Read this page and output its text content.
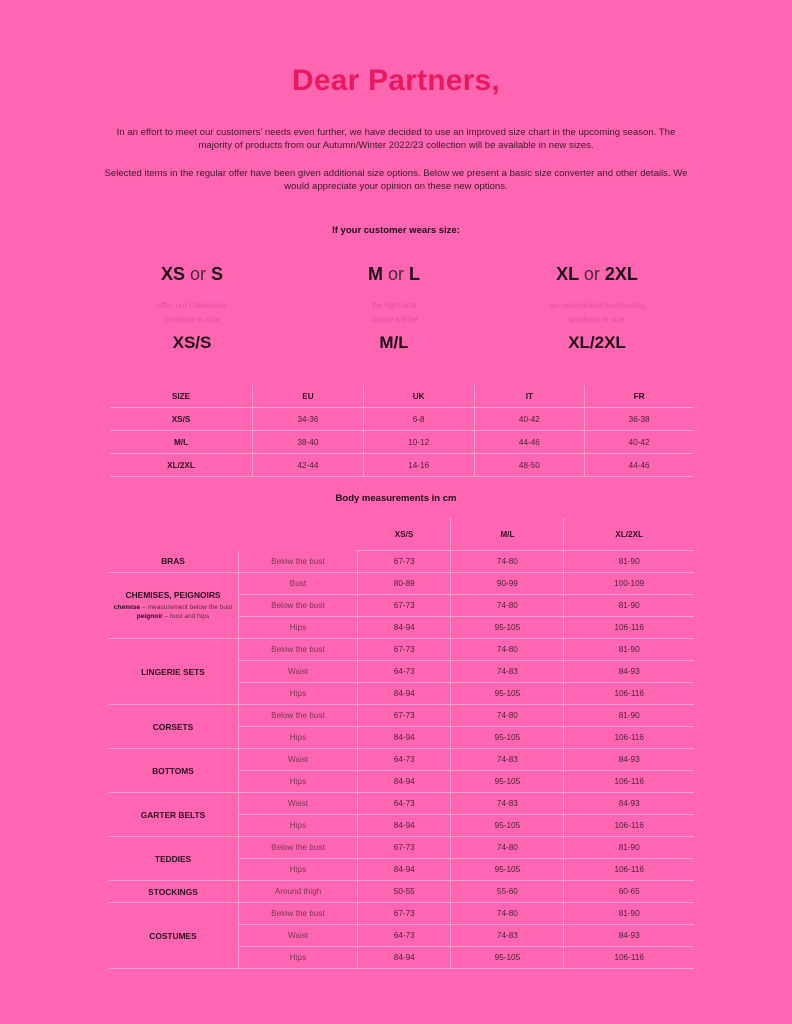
Dear Partners,

In an effort to meet our customers’ needs even further, we have decided to use an improved size chart in the upcoming season. The majority of products from our Autumn/Winter 2022/23 collection will be available in new sizes.

Selected items in the regular offer have been given additional size options. Below we present a basic size converter and other details. We would appreciate your opinion on these new options.

If your customer wears size:

XS or S
offer our Obsessive
products in size
XS/S
M or L
the right size
choice will be
M/L
XL or 2XL
we recommend purchasing
products in size
XL/2XL
SIZE	EU	UK	IT	FR
XS/S	34-36	6-8	40-42	36-38
M/L	38-40	10-12	44-46	40-42
XL/2XL	42-44	14-16	48-50	44-46

Body measurements in cm

		XS/S	M/L	XL/2XL
BRAS	Below the bust	67-73	74-80	81-90
CHEMISES, PEIGNOIRS
chemise – measurement below the bust
peignoir – bust and hips	Bust	80-89	90-99	100-109
	Below the bust	67-73	74-80	81-90
	Hips	84-94	95-105	106-116
LINGERIE SETS	Below the bust	67-73	74-80	81-90
	Waist	64-73	74-83	84-93
	Hips	84-94	95-105	106-116
CORSETS	Below the bust	67-73	74-80	81-90
	Hips	84-94	95-105	106-116
BOTTOMS	Waist	64-73	74-83	84-93
	Hips	84-94	95-105	106-116
GARTER BELTS	Waist	64-73	74-83	84-93
	Hips	84-94	95-105	106-116
TEDDIES	Below the bust	67-73	74-80	81-90
	Hips	84-94	95-105	106-116
STOCKINGS	Around thigh	50-55	55-60	60-65
COSTUMES	Below the bust	67-73	74-80	81-90
	Waist	64-73	74-83	84-93
	Hips	84-94	95-105	106-116
